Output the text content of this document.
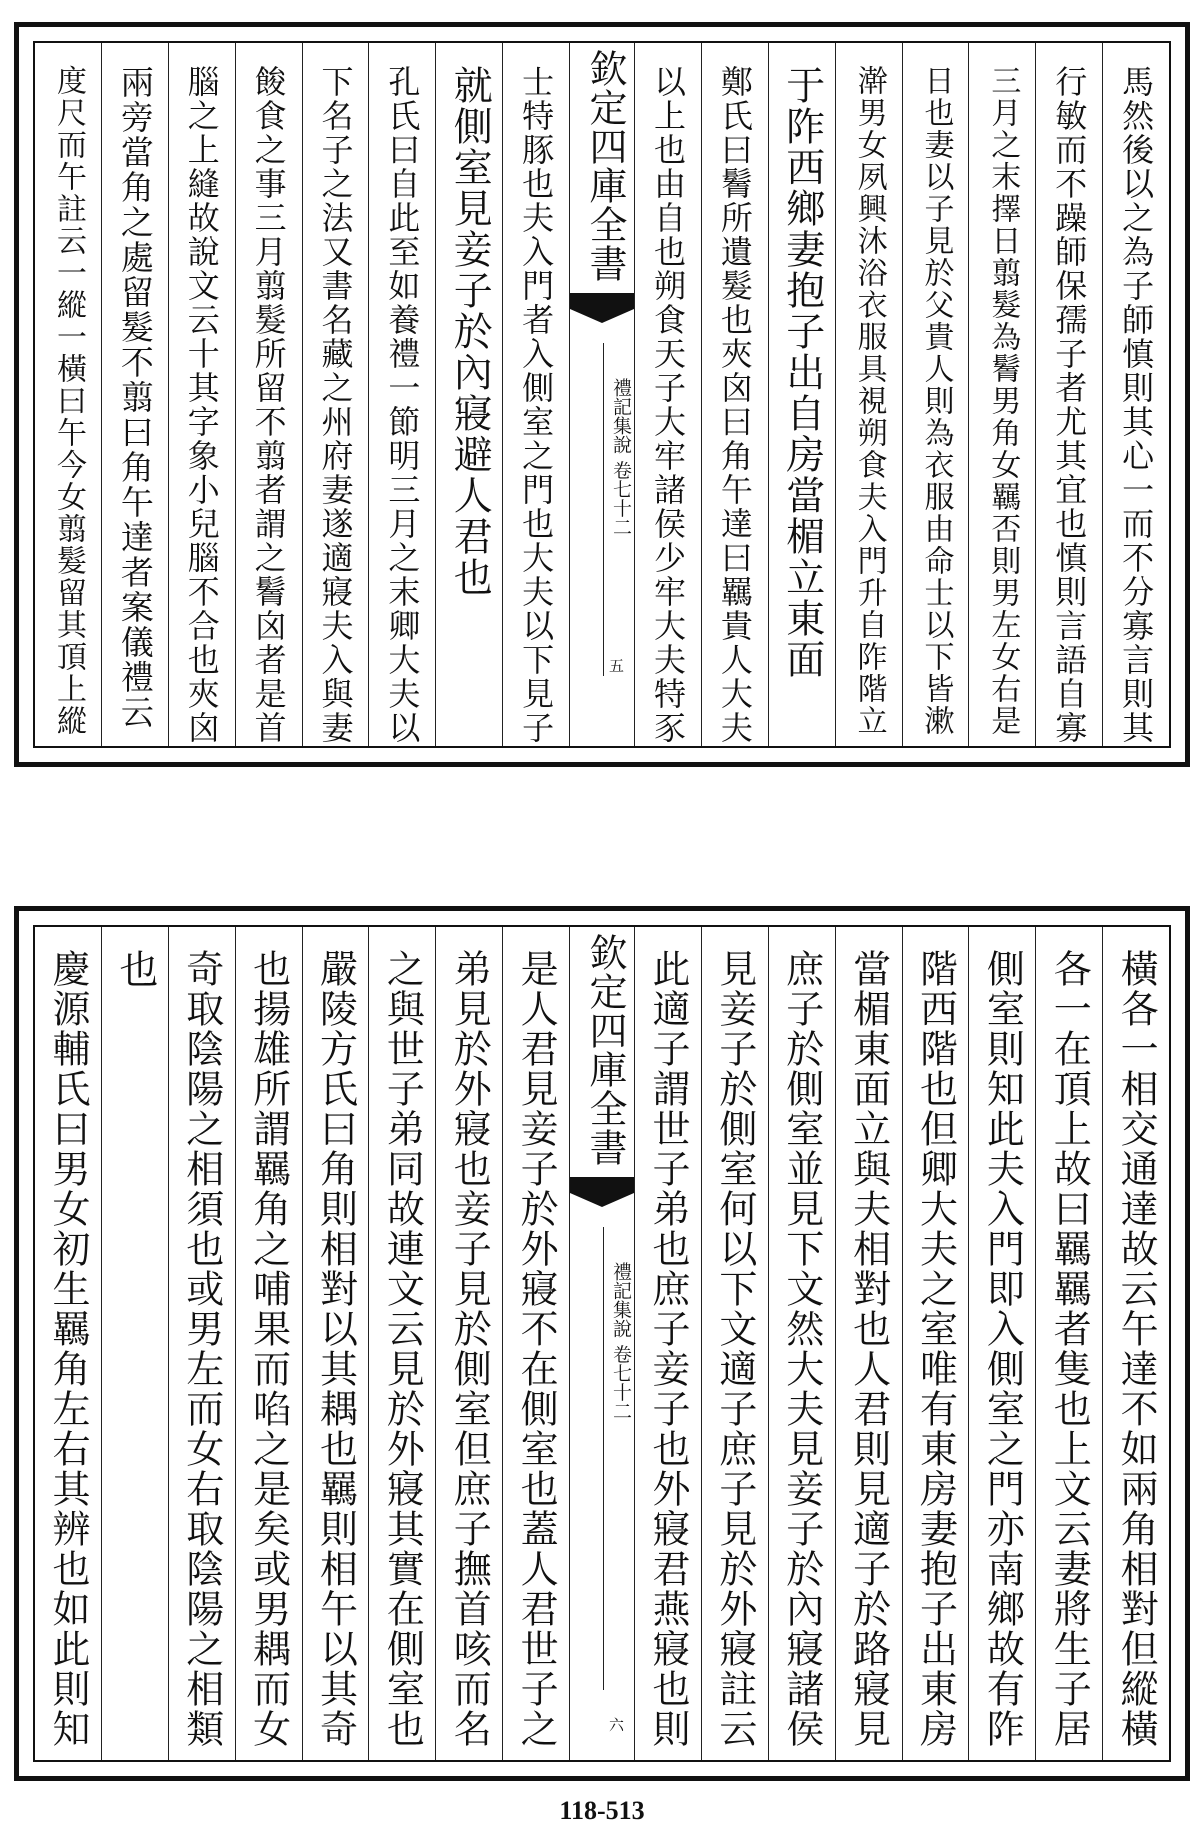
馬然後以之為子師慎則其心一而不分寡言則其
行敏而不躁師保孺子者尤其宜也慎則言語自寡
三月之末擇日翦髮為鬌男角女羈否則男左女右是
日也妻以子見於父貴人則為衣服由命士以下皆漱
澣男女夙興沐浴衣服具視朔食夫入門升自阼階立
于阼西鄉妻抱子出自房當楣立東面
鄭氏曰鬌所遺髮也夾囟曰角午達曰羈貴人大夫
以上也由自也朔食天子大牢諸侯少牢大夫特豕
欽定四庫全書
禮記集說 卷七十二
五
士特豚也夫入門者入側室之門也大夫以下見子
就側室見妾子於內寢避人君也
孔氏曰自此至如養禮一節明三月之末卿大夫以
下名子之法又書名藏之州府妻遂適寢夫入與妻
餕食之事三月翦髮所留不翦者謂之鬌囟者是首
腦之上縫故說文云十其字象小兒腦不合也夾囟
兩旁當角之處留髮不翦曰角午達者案儀禮云
度尺而午註云一縱一橫曰午今女翦髮留其頂上縱
橫各一相交通達故云午達不如兩角相對但縱橫
各一在頂上故曰羈羈者隻也上文云妻將生子居
側室則知此夫入門即入側室之門亦南鄉故有阼
階西階也但卿大夫之室唯有東房妻抱子出東房
當楣東面立與夫相對也人君則見適子於路寢見
庶子於側室並見下文然大夫見妾子於內寢諸侯
見妾子於側室何以下文適子庶子見於外寢註云
此適子謂世子弟也庶子妾子也外寢君燕寢也則
欽定四庫全書
禮記集說 卷七十二
六
是人君見妾子於外寢不在側室也蓋人君世子之
弟見於外寢也妾子見於側室但庶子撫首咳而名
之與世子弟同故連文云見於外寢其實在側室也
嚴陵方氏曰角則相對以其耦也羈則相午以其奇
也揚雄所謂羈角之哺果而啗之是矣或男耦而女
奇取陰陽之相須也或男左而女右取陰陽之相類
也
慶源輔氏曰男女初生羈角左右其辨也如此則知
118-513
